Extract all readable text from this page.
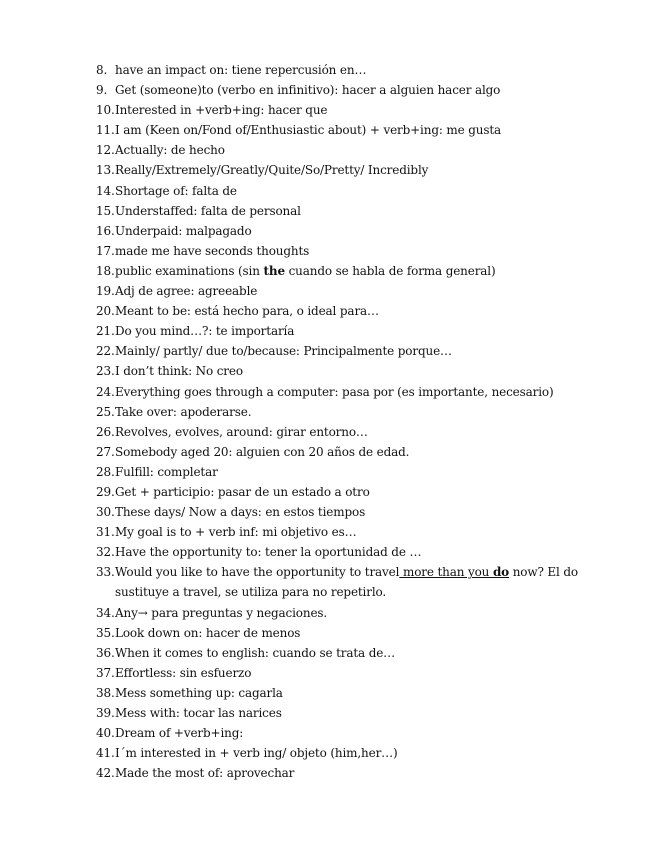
8. have an impact on: tiene repercusión en…
9. Get (someone)to (verbo en infinitivo): hacer a alguien hacer algo
10. Interested in +verb+ing: hacer que
11. I am (Keen on/Fond of/Enthusiastic about) + verb+ing: me gusta
12. Actually: de hecho
13. Really/Extremely/Greatly/Quite/So/Pretty/ Incredibly
14. Shortage of: falta de
15. Understaffed: falta de personal
16. Underpaid: malpagado
17. made me have seconds thoughts
18. public examinations (sin the cuando se habla de forma general)
19. Adj de agree: agreeable
20. Meant to be: está hecho para, o ideal para…
21. Do you mind…?: te importaría
22. Mainly/ partly/ due to/because: Principalmente porque…
23. I don’t think: No creo
24. Everything goes through a computer: pasa por (es importante, necesario)
25. Take over: apoderarse.
26. Revolves, evolves, around: girar entorno…
27. Somebody aged 20: alguien con 20 años de edad.
28. Fulfill: completar
29. Get + participio: pasar de un estado a otro
30. These days/ Now a days: en estos tiempos
31. My goal is to + verb inf: mi objetivo es…
32. Have the opportunity to: tener la oportunidad de …
33. Would you like to have the opportunity to travel more than you do now? El do
sustituye a travel, se utiliza para no repetirlo.
34. Any→ para preguntas y negaciones.
35. Look down on: hacer de menos
36. When it comes to english: cuando se trata de…
37. Effortless: sin esfuerzo
38. Mess something up: cagarla
39. Mess with: tocar las narices
40. Dream of +verb+ing:
41. I´m interested in + verb ing/ objeto (him,her…)
42. Made the most of: aprovechar
